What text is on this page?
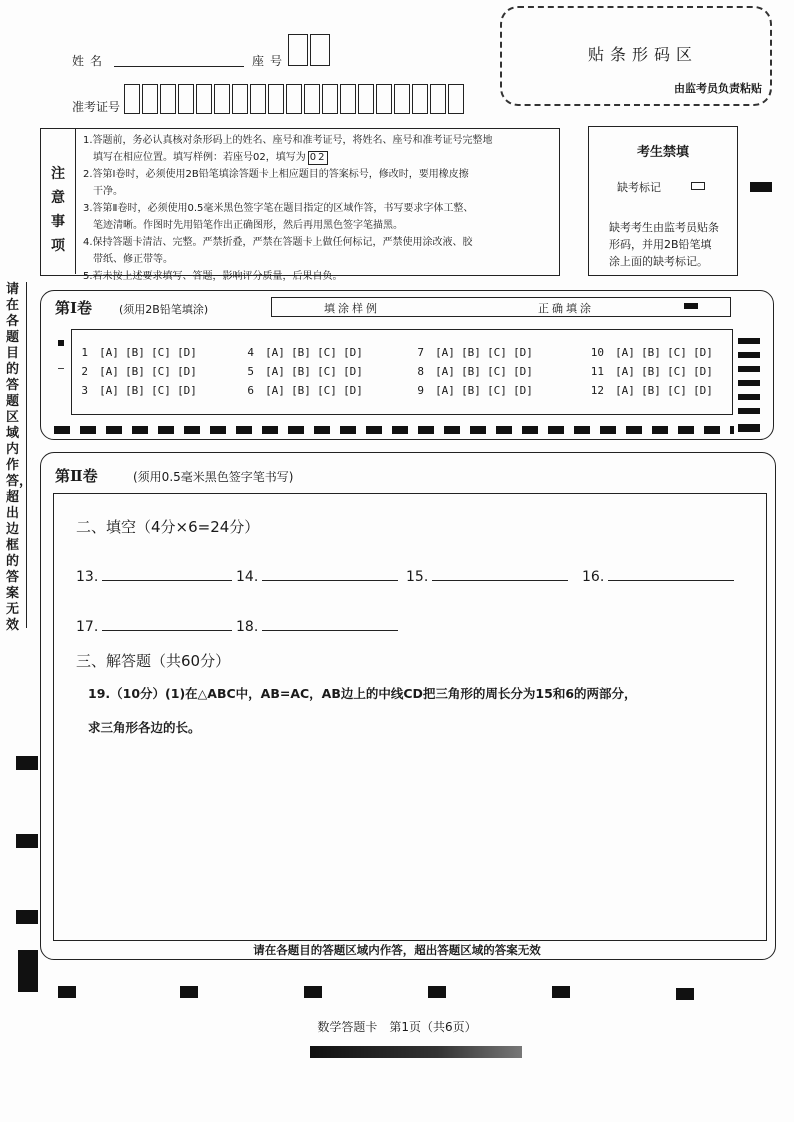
姓名	座号
准考证号
贴条形码区
由监考员负责粘贴
注
意
事
项
1.答题前，务必认真核对条形码上的姓名、座号和准考证号，将姓名、座号和准考证号完整地
填写在相应位置。填写样例：若座号02，填写为 02
2.答第Ⅰ卷时，必须使用2B铅笔填涂答题卡上相应题目的答案标号，修改时，要用橡皮擦
干净。
3.答第Ⅱ卷时，必须使用0.5毫米黑色签字笔在题目指定的区域作答，书写要求字体工整、
笔迹清晰。作图时先用铅笔作出正确图形，然后再用黑色签字笔描黑。
4.保持答题卡清洁、完整。严禁折叠，严禁在答题卡上做任何标记，严禁使用涂改液、胶
带纸、修正带等。
5.若未按上述要求填写、答题，影响评分质量，后果自负。
考生禁填
缺考标记
缺考考生由监考员贴条形码，并用2B铅笔填涂上面的缺考标记。
请在各题目的答题区域内作答，超出边框的答案无效
第Ⅰ卷 (须用2B铅笔填涂)	填涂样例	正确填涂
1 [A] [B] [C] [D]
2 [A] [B] [C] [D]
3 [A] [B] [C] [D]
4 [A] [B] [C] [D]
5 [A] [B] [C] [D]
6 [A] [B] [C] [D]
7 [A] [B] [C] [D]
8 [A] [B] [C] [D]
9 [A] [B] [C] [D]
10 [A] [B] [C] [D]
11 [A] [B] [C] [D]
12 [A] [B] [C] [D]
第Ⅱ卷	(须用0.5毫米黑色签字笔书写)
二、填空（4分×6=24分）
13.	14.	15.	16.
17.	18.
三、解答题（共60分）
19.（10分）(1)在△ABC中，AB=AC，AB边上的中线CD把三角形的周长分为15和6的两部分，
求三角形各边的长。
请在各题目的答题区域内作答，超出答题区域的答案无效
数学答题卡　第1页（共6页）
